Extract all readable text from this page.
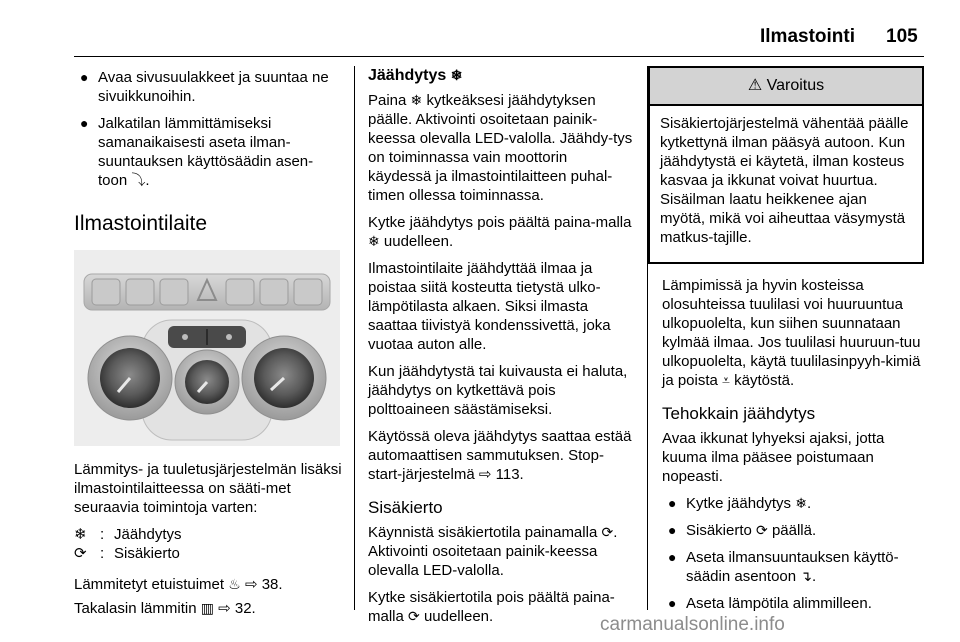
Ilmastointi 105
● Avaa sivusuulakkeet ja suuntaa ne sivuikkunoihin.
● Jalkatilan lämmittämiseksi samanaikaisesti aseta ilman-suuntauksen käyttösäädin asen-toon ⤵.
Ilmastointilaite

Lämmitys- ja tuuletusjärjestelmän lisäksi ilmastointilaitteessa on sääti-met seuraavia toimintoja varten:

❄ : Jäähdytys
⟳ : Sisäkierto

Lämmitetyt etuistuimet ♨ ⇨ 38.

Takalasin lämmitin ▥ ⇨ 32.

Jäähdytys ❄

Paina ❄ kytkeäksesi jäähdytyksen päälle. Aktivointi osoitetaan painik-keessa olevalla LED-valolla. Jäähdy-tys on toiminnassa vain moottorin käydessä ja ilmastointilaitteen puhal-timen ollessa toiminnassa.

Kytke jäähdytys pois päältä paina-malla ❄ uudelleen.

Ilmastointilaite jäähdyttää ilmaa ja poistaa siitä kosteutta tietystä ulko-lämpötilasta alkaen. Siksi ilmasta saattaa tiivistyä kondenssivettä, joka vuotaa auton alle.

Kun jäähdytystä tai kuivausta ei haluta, jäähdytys on kytkettävä pois polttoaineen säästämiseksi.

Käytössä oleva jäähdytys saattaa estää automaattisen sammutuksen. Stop-start-järjestelmä ⇨ 113.

Sisäkierto

Käynnistä sisäkiertotila painamalla ⟳. Aktivointi osoitetaan painik-keessa olevalla LED-valolla.

Kytke sisäkiertotila pois päältä paina-malla ⟳ uudelleen.

⚠ Varoitus
Sisäkiertojärjestelmä vähentää päälle kytkettynä ilman pääsyä autoon. Kun jäähdytystä ei käytetä, ilman kosteus kasvaa ja ikkunat voivat huurtua. Sisäilman laatu heikkenee ajan myötä, mikä voi aiheuttaa väsymystä matkus-tajille.

Lämpimissä ja hyvin kosteissa olosuhteissa tuulilasi voi huuruuntua ulkopuolelta, kun siihen suunnataan kylmää ilmaa. Jos tuulilasi huuruun-tuu ulkopuolelta, käytä tuulilasinpyyh-kimiä ja poista ⩡ käytöstä.

Tehokkain jäähdytys

Avaa ikkunat lyhyeksi ajaksi, jotta kuuma ilma pääsee poistumaan nopeasti.

● Kytke jäähdytys ❄.
● Sisäkierto ⟳ päällä.
● Aseta ilmansuuntauksen käyttö-säädin asentoon ↴.
● Aseta lämpötila alimmilleen.
carmanualsonline.info
